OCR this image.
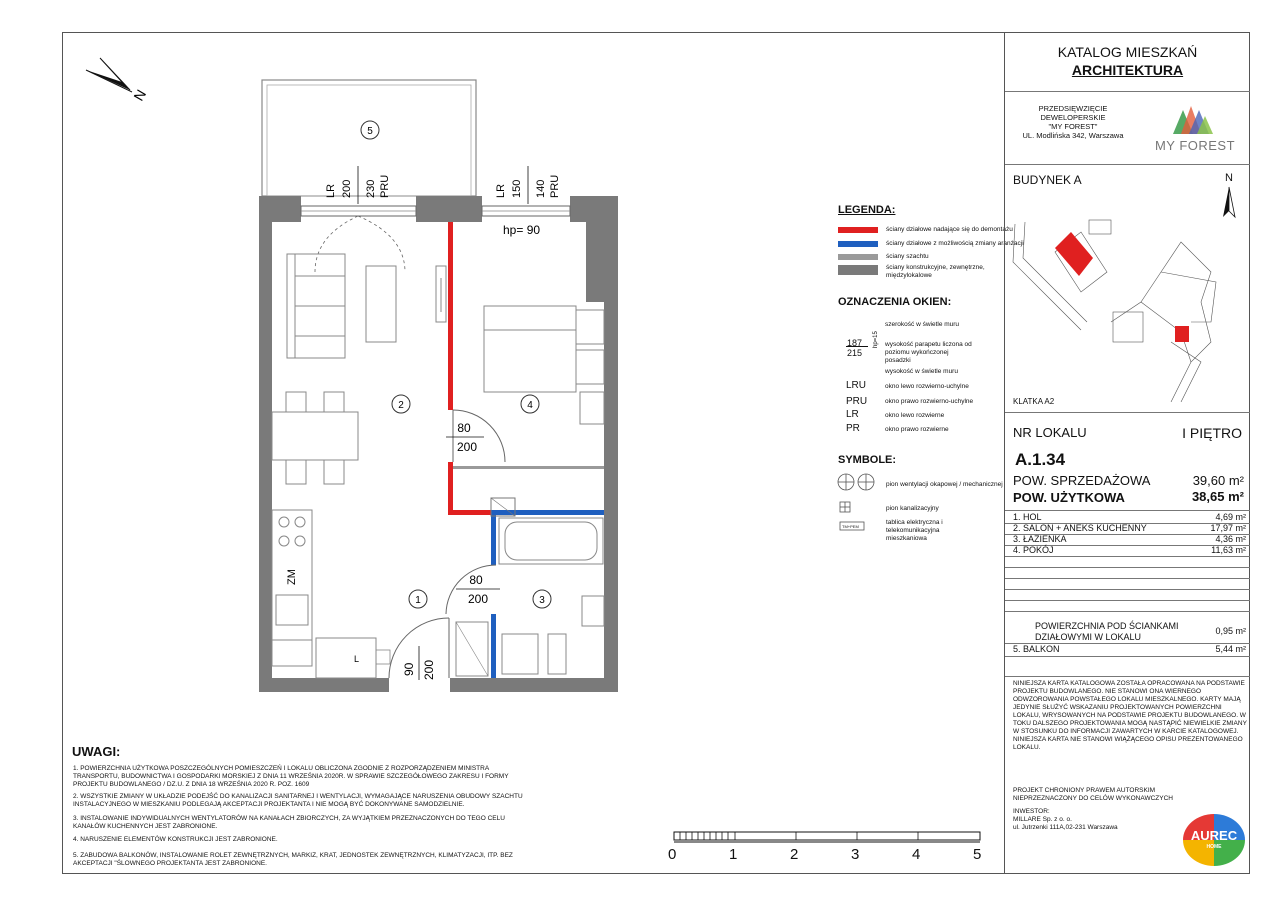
N
5
LR 200 230 PRU	LR 150 140 PRU
hp= 90
80
200
80
200
90 200
ZM
L
2	4
1	3
0	1	2	3	4	5
LEGENDA:
ściany działowe nadające się do demontażu
ściany działowe z możliwością zmiany aranżacji
ściany szachtu
ściany konstrukcyjne, zewnętrzne, międzylokalowe
OZNACZENIA OKIEN:
187
215
hp=15
szerokość w świetle muru
wysokość parapetu liczona od poziomu wykończonej posadzki
wysokość w świetle muru
LRU	okno lewo rozwierno-uchylne
PRU	okno prawo rozwierno-uchylne
LR	okno lewo rozwierne
PR	okno prawo rozwierne
SYMBOLE:
TM+PEM
pion wentylacji okapowej / mechanicznej
pion kanalizacyjny
tablica elektryczna i telekomunikacyjna mieszkaniowa
UWAGI:
1. POWIERZCHNIA UŻYTKOWA POSZCZEGÓLNYCH POMIESZCZEŃ I LOKALU OBLICZONA ZGODNIE Z ROZPORZĄDZENIEM MINISTRA TRANSPORTU, BUDOWNICTWA I GOSPODARKI MORSKIEJ Z DNIA 11 WRZEŚNIA 2020R. W SPRAWIE SZCZEGÓŁOWEGO ZAKRESU I FORMY PROJEKTU BUDOWLANEGO / DZ.U. Z DNIA 18 WRZEŚNIA 2020 R. POZ. 1609
2. WSZYSTKIE ZMIANY W UKŁADZIE PODEJŚĆ DO KANALIZACJI SANITARNEJ I WENTYLACJI, WYMAGAJĄCE NARUSZENIA OBUDOWY SZACHTU INSTALACYJNEGO W MIESZKANIU PODLEGAJĄ AKCEPTACJI PROJEKTANTA I NIE MOGĄ BYĆ DOKONYWANE SAMODZIELNIE.
3. INSTALOWANIE INDYWIDUALNYCH WENTYLATORÓW NA KANAŁACH ZBIORCZYCH, ZA WYJĄTKIEM PRZEZNACZONYCH DO TEGO CELU KANAŁÓW KUCHENNYCH JEST ZABRONIONE.
4. NARUSZENIE ELEMENTÓW KONSTRUKCJI JEST ZABRONIONE.
5. ZABUDOWA BALKONÓW, INSTALOWANIE ROLET ZEWNĘTRZNYCH, MARKIZ, KRAT, JEDNOSTEK ZEWNĘTRZNYCH, KLIMATYZACJI, ITP. BEZ AKCEPTACJI "ŚLOWNEGO PROJEKTANTA JEST ZABRONIONE.
KATALOG MIESZKAŃ
ARCHITEKTURA
PRZEDSIĘWZIĘCIE
DEWELOPERSKIE
"MY FOREST"
UL. Modlińska 342, Warszawa
MY FOREST
BUDYNEK A	N
KLATKA A2
NR LOKALU	I PIĘTRO
A.1.34
POW. SPRZEDAŻOWA	39,60 m²
POW. UŻYTKOWA	38,65 m²
1. HOL	4,69 m²
2. SALON + ANEKS KUCHENNY	17,97 m²
3. ŁAZIENKA	4,36 m²
4. POKÓJ	11,63 m²
POWIERZCHNIA POD ŚCIANKAMI DZIAŁOWYMI W LOKALU
0,95 m²
5. BALKON	5,44 m²
NINIEJSZA KARTA KATALOGOWA ZOSTAŁA OPRACOWANA NA PODSTAWIE PROJEKTU BUDOWLANEGO. NIE STANOWI ONA WIERNEGO ODWZOROWANIA POWSTAŁEGO LOKALU MIESZKALNEGO. KARTY MAJĄ JEDYNIE SŁUŻYĆ WSKAZANIU PROJEKTOWANYCH POWIERZCHNI LOKALU, WRYSOWANYCH NA PODSTAWIE PROJEKTU BUDOWLANEGO. W TOKU DALSZEGO PROJEKTOWANIA MOGĄ NASTĄPIĆ NIEWIELKIE ZMIANY W STOSUNKU DO INFORMACJI ZAWARTYCH W KARCIE KATALOGOWEJ. NINIEJSZA KARTA NIE STANOWI WIĄŻĄCEGO OPISU PREZENTOWANEGO LOKALU.
PROJEKT CHRONIONY PRAWEM AUTORSKIM
NIEPRZEZNACZONY DO CELÓW WYKONAWCZYCH
INWESTOR:
MILLARE Sp. z o. o.
ul. Jutrzenki 111A,02-231 Warszawa
AUREC
HOME
